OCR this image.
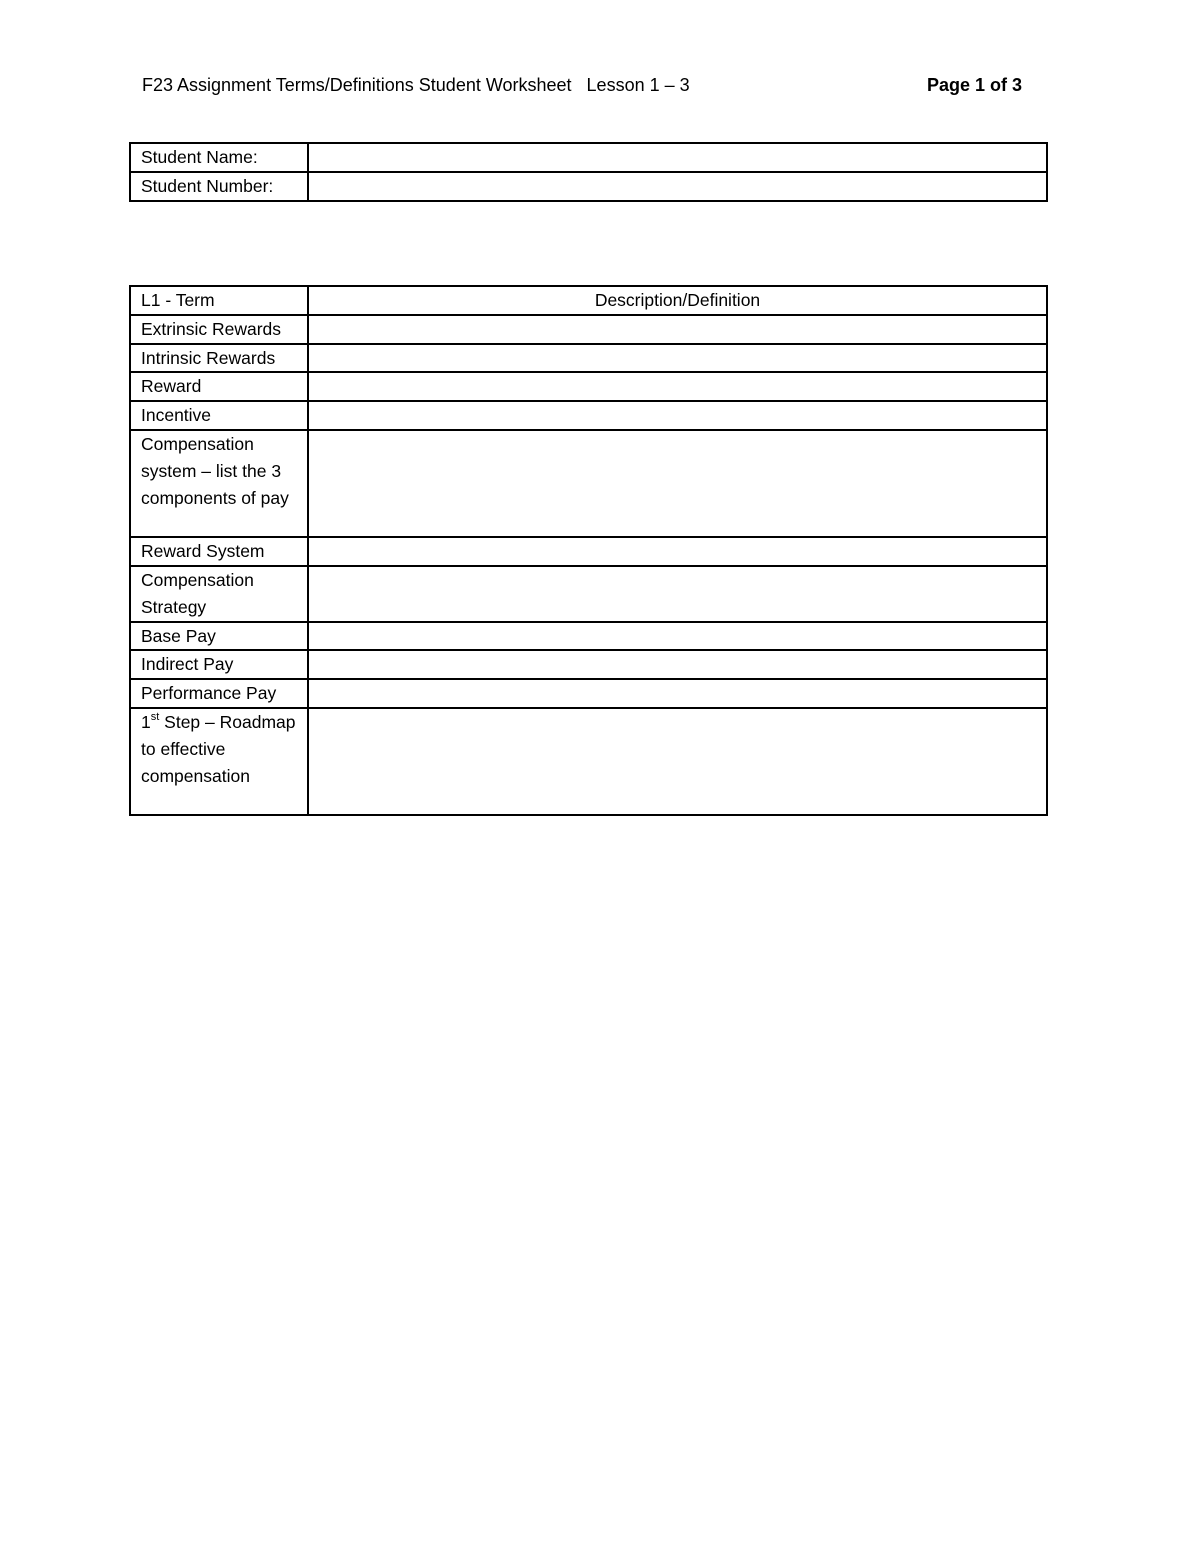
F23 Assignment Terms/Definitions Student Worksheet   Lesson 1 – 3	Page 1 of 3
Student Name:	
Student Number:	
L1 - Term	Description/Definition
Extrinsic Rewards	
Intrinsic Rewards	
Reward	
Incentive	
Compensation system – list the 3 components of pay	
Reward System	
Compensation Strategy	
Base Pay	
Indirect Pay	
Performance Pay	
1st Step – Roadmap to effective compensation	
